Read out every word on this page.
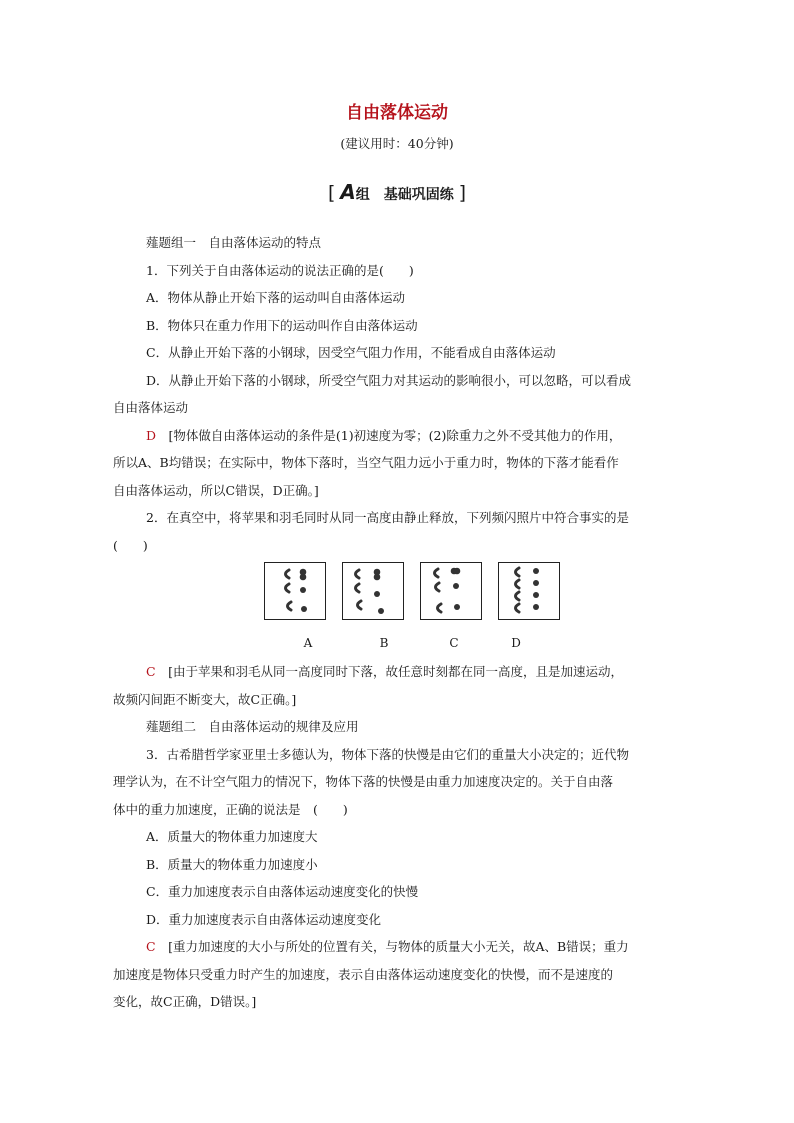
自由落体运动
(建议用时：40分钟)
[ A组　基础巩固练 ]
薤题组一　自由落体运动的特点
1．下列关于自由落体运动的说法正确的是(　　)
A．物体从静止开始下落的运动叫自由落体运动
B．物体只在重力作用下的运动叫作自由落体运动
C．从静止开始下落的小钢球，因受空气阻力作用，不能看成自由落体运动
D．从静止开始下落的小钢球，所受空气阻力对其运动的影响很小，可以忽略，可以看成
自由落体运动
D　 [物体做自由落体运动的条件是(1)初速度为零；(2)除重力之外不受其他力的作用，
所以A、B均错误；在实际中，物体下落时，当空气阻力远小于重力时，物体的下落才能看作
自由落体运动，所以C错误，D正确。]
2．在真空中，将苹果和羽毛同时从同一高度由静止释放，下列频闪照片中符合事实的是
(　　)
A	B	C	D
C　 [由于苹果和羽毛从同一高度同时下落，故任意时刻都在同一高度，且是加速运动，
故频闪间距不断变大，故C正确。]
薤题组二　自由落体运动的规律及应用
3．古希腊哲学家亚里士多德认为，物体下落的快慢是由它们的重量大小决定的；近代物
理学认为，在不计空气阻力的情况下，物体下落的快慢是由重力加速度决定的。关于自由落
体中的重力加速度，正确的说法是　(　　)
A．质量大的物体重力加速度大
B．质量大的物体重力加速度小
C．重力加速度表示自由落体运动速度变化的快慢
D．重力加速度表示自由落体运动速度变化
C　 [重力加速度的大小与所处的位置有关，与物体的质量大小无关，故A、B错误；重力
加速度是物体只受重力时产生的加速度，表示自由落体运动速度变化的快慢，而不是速度的
变化，故C正确，D错误。]
